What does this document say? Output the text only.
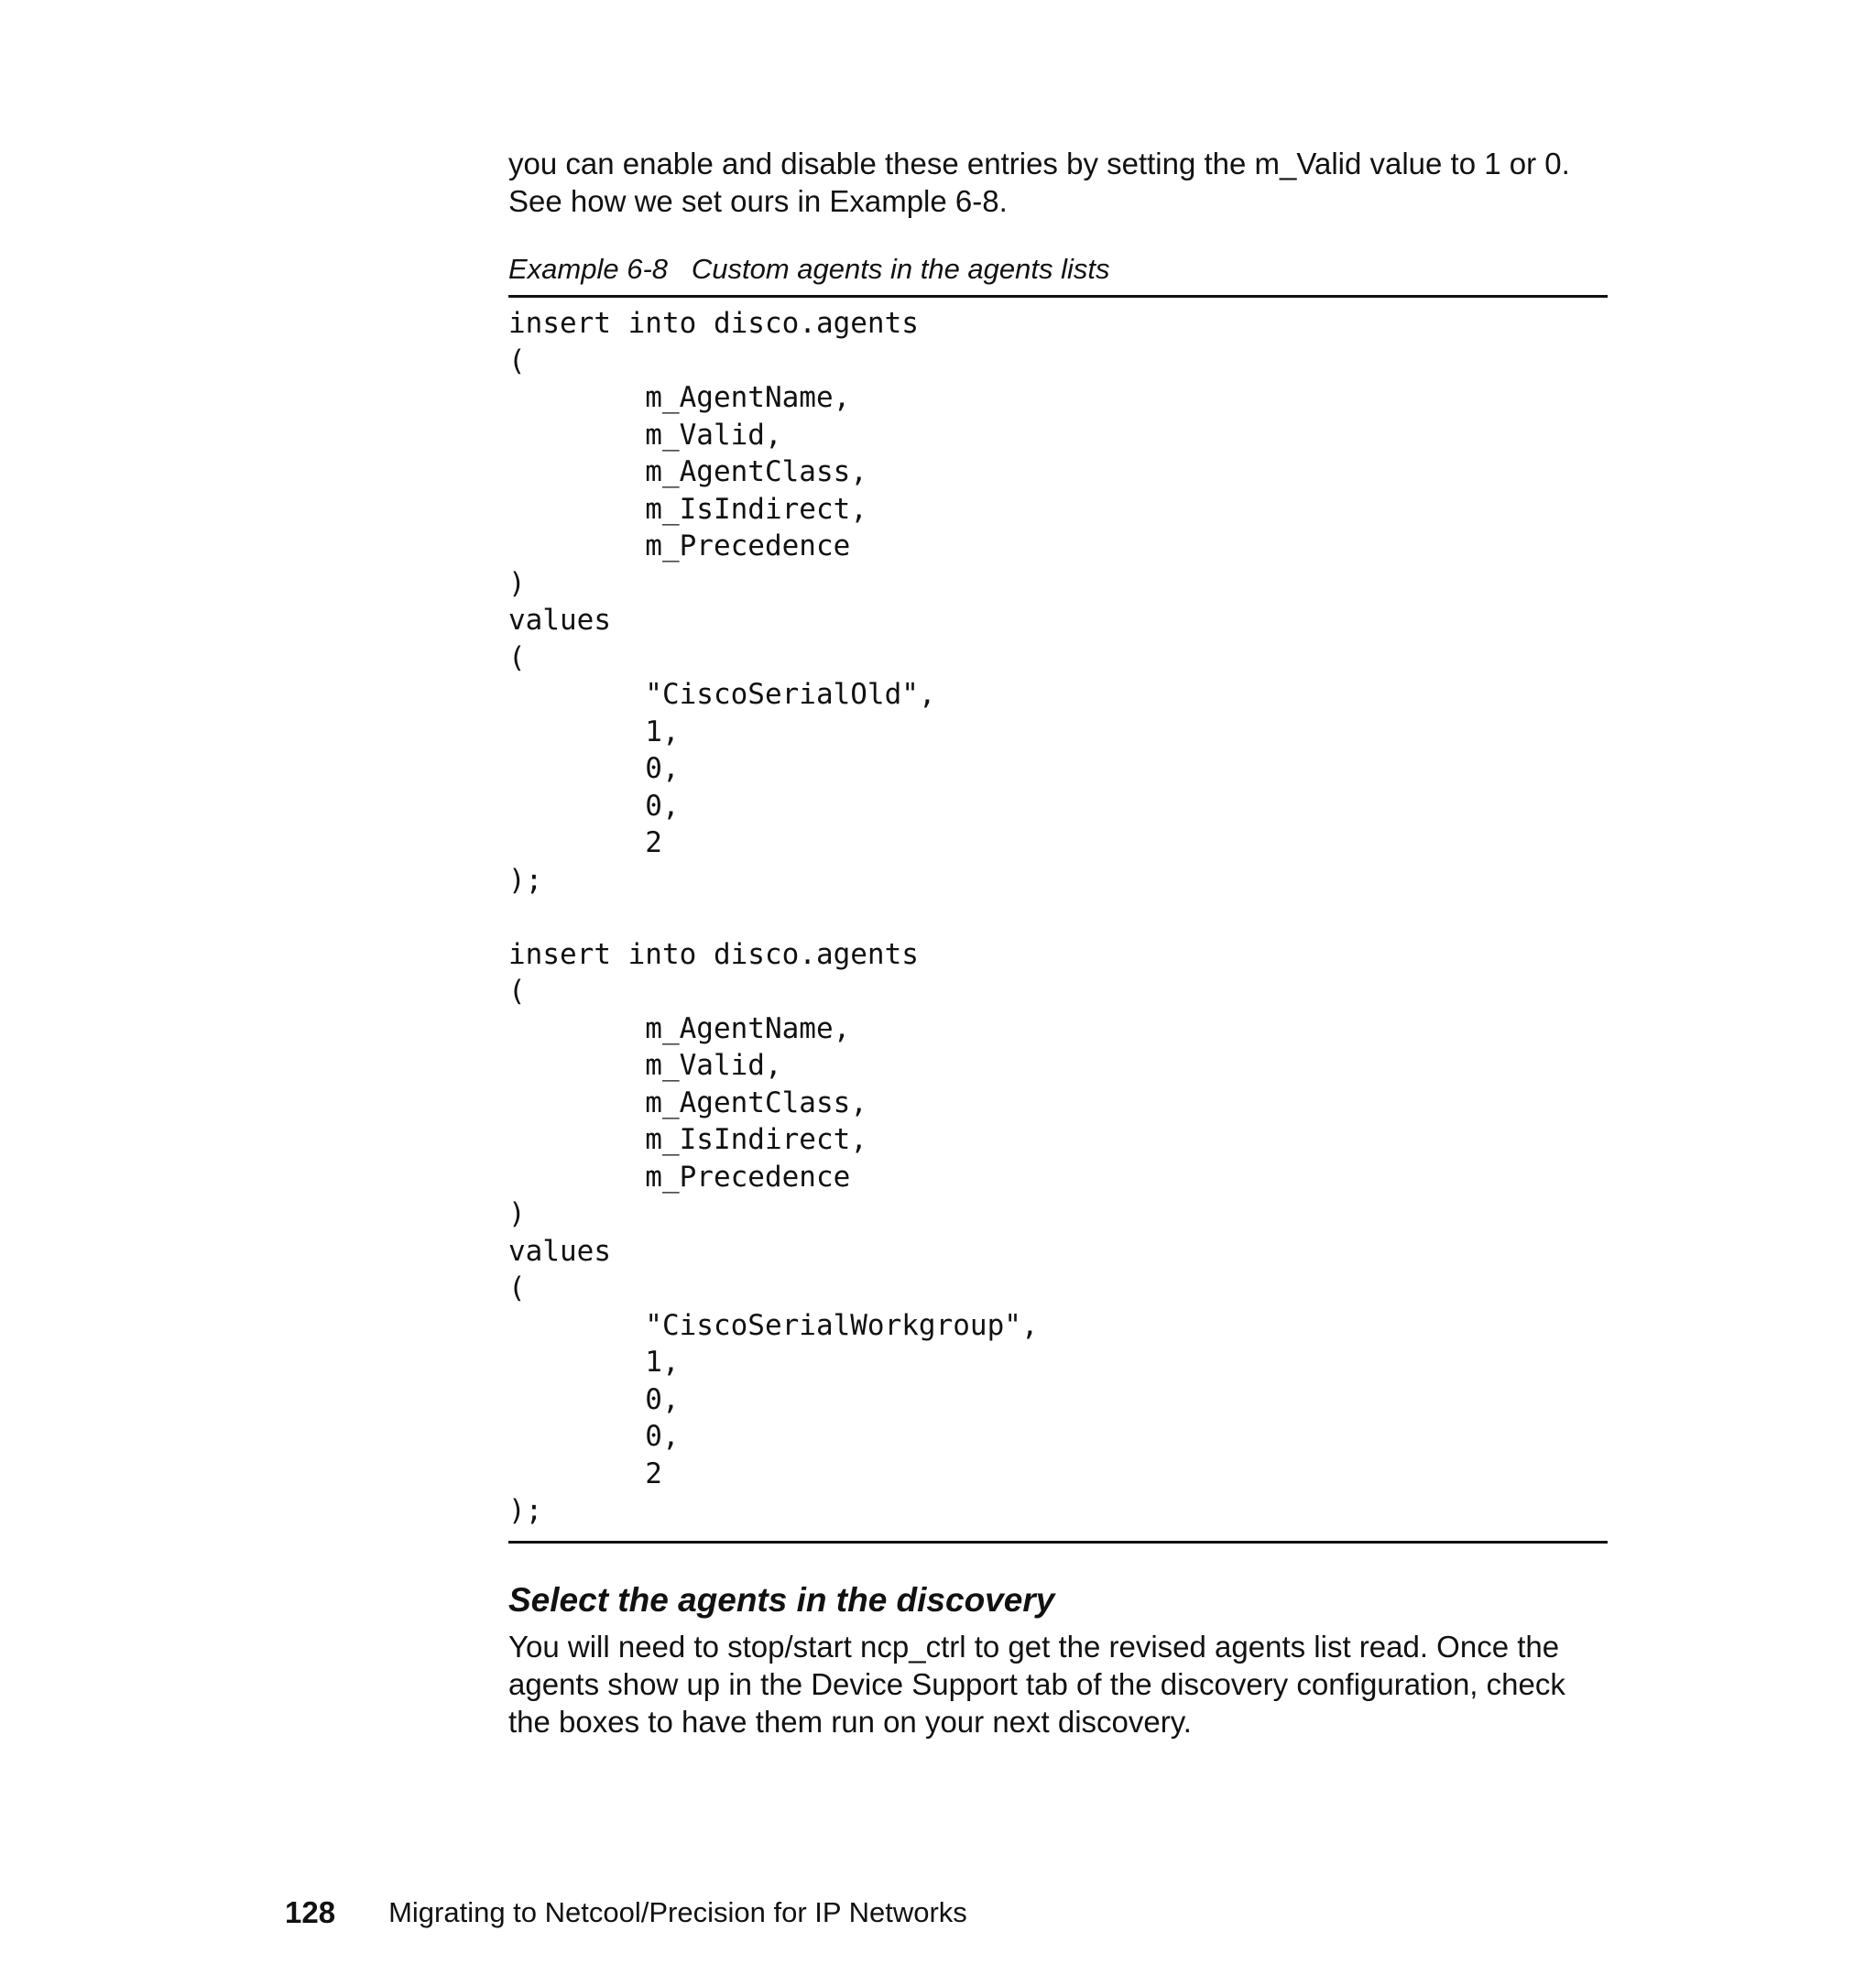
you can enable and disable these entries by setting the m_Valid value to 1 or 0.
See how we set ours in Example 6-8.

Example 6-8   Custom agents in the agents lists
insert into disco.agents
(
m_AgentName,
m_Valid,
m_AgentClass,
m_IsIndirect,
m_Precedence
)
values
(
"CiscoSerialOld",
1,
0,
0,
2
);
insert into disco.agents
(
m_AgentName,
m_Valid,
m_AgentClass,
m_IsIndirect,
m_Precedence
)
values
(
"CiscoSerialWorkgroup",
1,
0,
0,
2
);
Select the agents in the discovery
You will need to stop/start ncp_ctrl to get the revised agents list read. Once the
agents show up in the Device Support tab of the discovery configuration, check
the boxes to have them run on your next discovery.
128 Migrating to Netcool/Precision for IP Networks
